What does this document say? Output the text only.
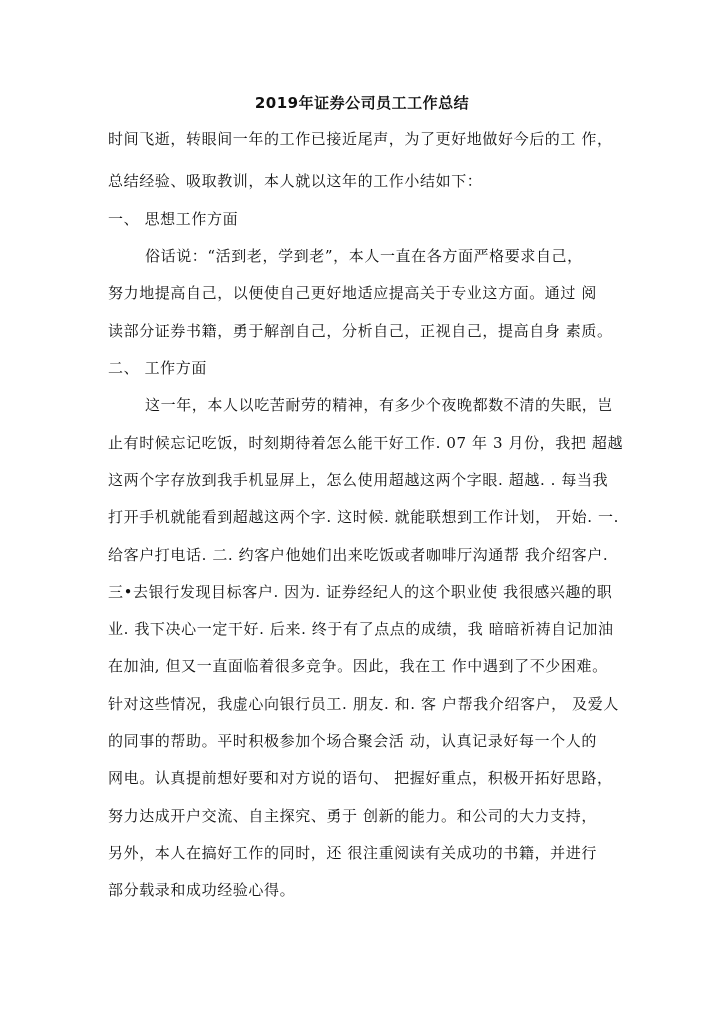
2019年证券公司员工工作总结
时间飞逝，转眼间一年的工作已接近尾声，为了更好地做好今后的工 作，
总结经验、吸取教训，本人就以这年的工作小结如下：
一、 思想工作方面
俗话说：“活到老，学到老”，本人一直在各方面严格要求自己，
努力地提高自己，以便使自己更好地适应提高关于专业这方面。通过 阅
读部分证券书籍，勇于解剖自己，分析自己，正视自己，提高自身 素质。
二、 工作方面
这一年，本人以吃苦耐劳的精神，有多少个夜晚都数不清的失眠，岂
止有时候忘记吃饭，时刻期待着怎么能干好工作. 07 年 3 月份，我把 超越
这两个字存放到我手机显屏上，怎么使用超越这两个字眼. 超越. . 每当我
打开手机就能看到超越这两个字. 这时候. 就能联想到工作计划， 开始. 一.
给客户打电话. 二. 约客户他她们出来吃饭或者咖啡厅沟通帮 我介绍客户.
三•去银行发现目标客户. 因为. 证券经纪人的这个职业使 我很感兴趣的职
业. 我下决心一定干好. 后来. 终于有了点点的成绩，我 暗暗祈祷自记加油
在加油, 但又一直面临着很多竞争。因此，我在工 作中遇到了不少困难。
针对这些情况，我虚心向银行员工. 朋友. 和. 客 户帮我介绍客户， 及爱人
的同事的帮助。平时积极参加个场合聚会活 动，认真记录好每一个人的
网电。认真提前想好要和对方说的语句、 把握好重点，积极开拓好思路，
努力达成开户交流、自主探究、勇于 创新的能力。和公司的大力支持，
另外，本人在搞好工作的同时，还 很注重阅读有关成功的书籍，并进行
部分载录和成功经验心得。
